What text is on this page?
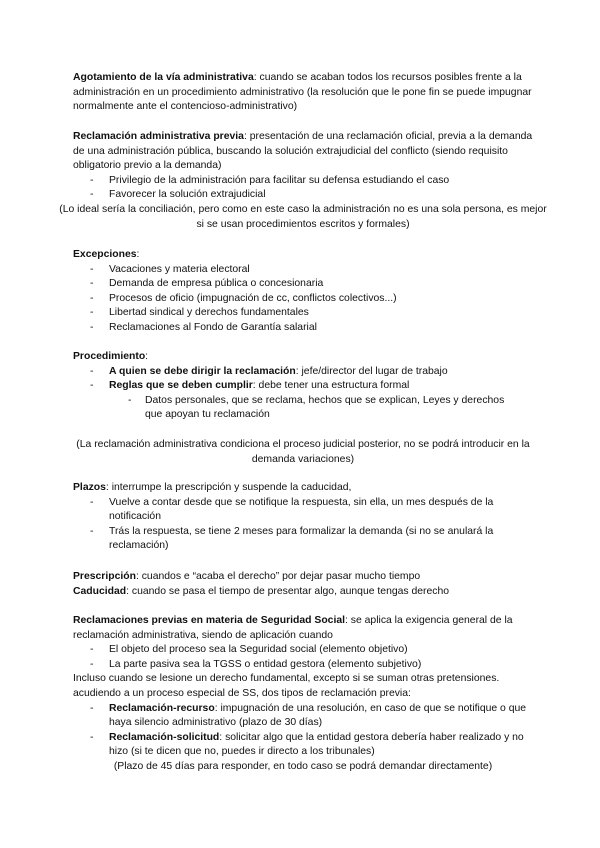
Agotamiento de la vía administrativa: cuando se acaban todos los recursos posibles frente a la administración en un procedimiento administrativo (la resolución que le pone fin se puede impugnar normalmente ante el contencioso-administrativo)

Reclamación administrativa previa: presentación de una reclamación oficial, previa a la demanda de una administración pública, buscando la solución extrajudicial del conflicto (siendo requisito obligatorio previo a la demanda)

- Privilegio de la administración para facilitar su defensa estudiando el caso
- Favorecer la solución extrajudicial

(Lo ideal sería la conciliación, pero como en este caso la administración no es una sola persona, es mejor si se usan procedimientos escritos y formales)

Excepciones:

- Vacaciones y materia electoral
- Demanda de empresa pública o concesionaria
- Procesos de oficio (impugnación de cc, conflictos colectivos...)
- Libertad sindical y derechos fundamentales
- Reclamaciones al Fondo de Garantía salarial

Procedimiento:

- A quien se debe dirigir la reclamación: jefe/director del lugar de trabajo
- Reglas que se deben cumplir: debe tener una estructura formal
- Datos personales, que se reclama, hechos que se explican, Leyes y derechos que apoyan tu reclamación
(La reclamación administrativa condiciona el proceso judicial posterior, no se podrá introducir en la demanda variaciones)

Plazos: interrumpe la prescripción y suspende la caducidad,

- Vuelve a contar desde que se notifique la respuesta, sin ella, un mes después de la notificación
- Trás la respuesta, se tiene 2 meses para formalizar la demanda (si no se anulará la reclamación)

Prescripción: cuandos e “acaba el derecho” por dejar pasar mucho tiempo

Caducidad: cuando se pasa el tiempo de presentar algo, aunque tengas derecho

Reclamaciones previas en materia de Seguridad Social: se aplica la exigencia general de la reclamación administrativa, siendo de aplicación cuando

- El objeto del proceso sea la Seguridad social (elemento objetivo)
- La parte pasiva sea la TGSS o entidad gestora (elemento subjetivo)

Incluso cuando se lesione un derecho fundamental, excepto si se suman otras pretensiones. acudiendo a un proceso especial de SS, dos tipos de reclamación previa:

- Reclamación-recurso: impugnación de una resolución, en caso de que se notifique o que haya silencio administrativo (plazo de 30 días)
- Reclamación-solicitud: solicitar algo que la entidad gestora debería haber realizado y no hizo (si te dicen que no, puedes ir directo a los tribunales)

(Plazo de 45 días para responder, en todo caso se podrá demandar directamente)
